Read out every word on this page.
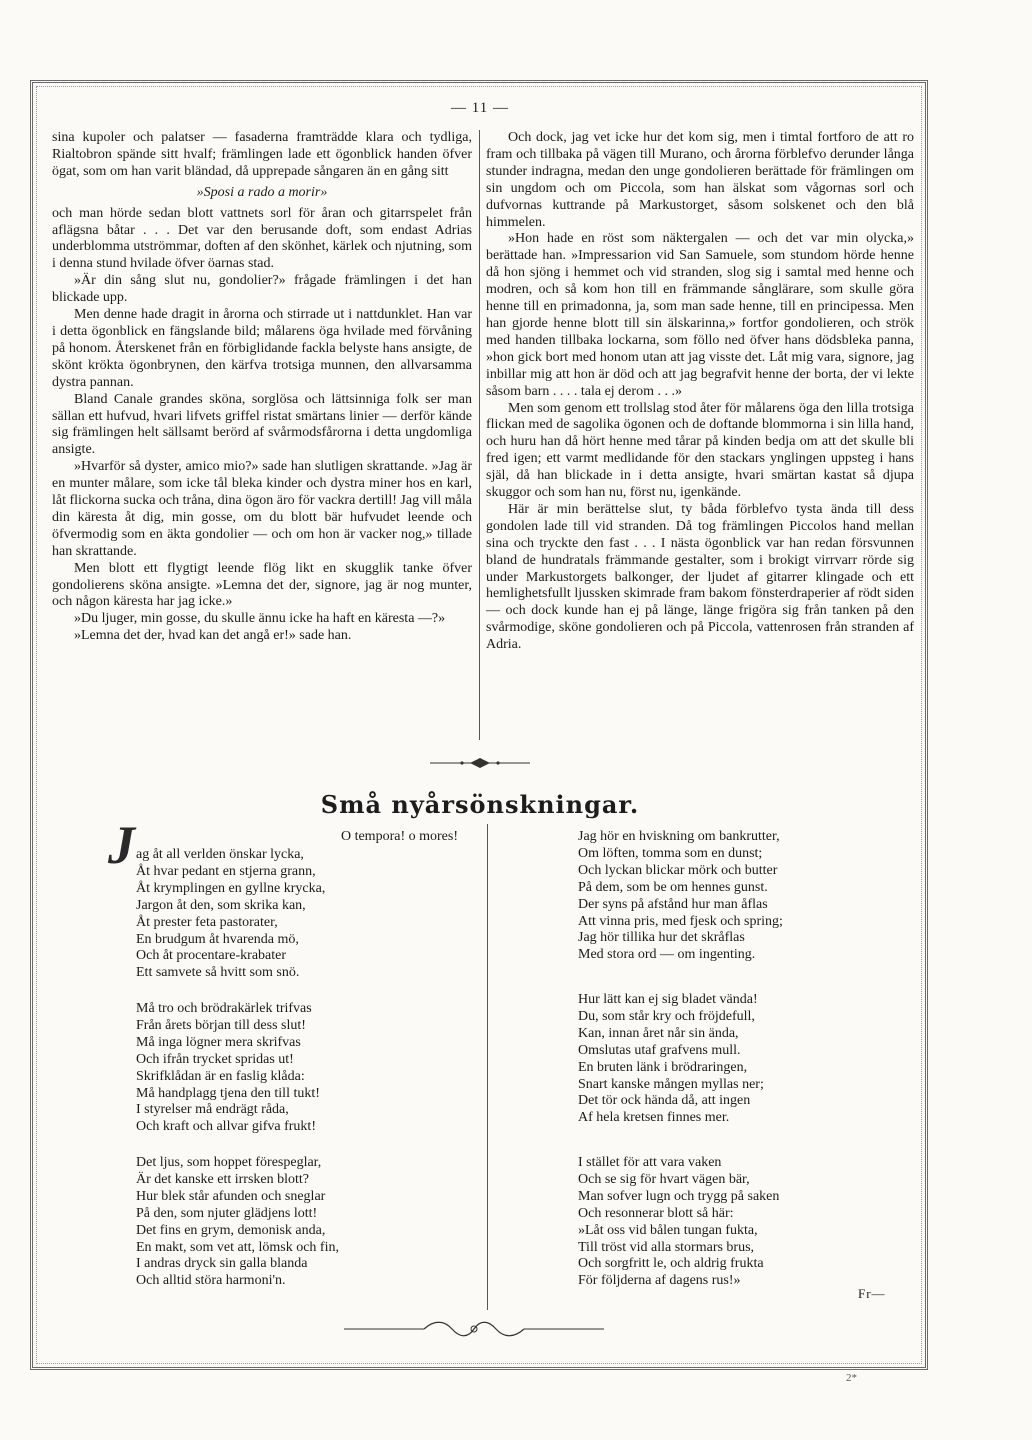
— 11 —

sina kupoler och palatser — fasaderna framträdde klara och tydliga, Rialtobron spände sitt hvalf; främlingen lade ett ögonblick handen öfver ögat, som om han varit bländad, då upprepade sångaren än en gång sitt

»Sposi a rado a morir»

och man hörde sedan blott vattnets sorl för åran och gitarrspelet från aflägsna båtar . . . Det var den berusande doft, som endast Adrias underblomma utströmmar, doften af den skönhet, kärlek och njutning, som i denna stund hvilade öfver öarnas stad.

»Är din sång slut nu, gondolier?» frågade främlingen i det han blickade upp.

Men denne hade dragit in årorna och stirrade ut i nattdunklet. Han var i detta ögonblick en fängslande bild; målarens öga hvilade med förvåning på honom. Återskenet från en förbiglidande fackla belyste hans ansigte, de skönt krökta ögonbrynen, den kärfva trotsiga munnen, den allvarsamma dystra pannan.

Bland Canale grandes sköna, sorglösa och lättsinniga folk ser man sällan ett hufvud, hvari lifvets griffel ristat smärtans linier — derför kände sig främlingen helt sällsamt berörd af svårmodsfårorna i detta ungdomliga ansigte.

»Hvarför så dyster, amico mio?» sade han slutligen skrattande. »Jag är en munter målare, som icke tål bleka kinder och dystra miner hos en karl, låt flickorna sucka och tråna, dina ögon äro för vackra dertill! Jag vill måla din käresta åt dig, min gosse, om du blott bär hufvudet leende och öfvermodig som en äkta gondolier — och om hon är vacker nog,» tillade han skrattande.

Men blott ett flygtigt leende flög likt en skugglik tanke öfver gondolierens sköna ansigte. »Lemna det der, signore, jag är nog munter, och någon käresta har jag icke.»

»Du ljuger, min gosse, du skulle ännu icke ha haft en käresta —?»

»Lemna det der, hvad kan det angå er!» sade han.

Och dock, jag vet icke hur det kom sig, men i timtal fortforo de att ro fram och tillbaka på vägen till Murano, och årorna förblefvo derunder långa stunder indragna, medan den unge gondolieren berättade för främlingen om sin ungdom och om Piccola, som han älskat som vågornas sorl och dufvornas kuttrande på Markustorget, såsom solskenet och den blå himmelen.

»Hon hade en röst som näktergalen — och det var min olycka,» berättade han. »Impressarion vid San Samuele, som stundom hörde henne då hon sjöng i hemmet och vid stranden, slog sig i samtal med henne och modren, och så kom hon till en främmande sånglärare, som skulle göra henne till en primadonna, ja, som man sade henne, till en principessa. Men han gjorde henne blott till sin älskarinna,» fortfor gondolieren, och strök med handen tillbaka lockarna, som föllo ned öfver hans dödsbleka panna, »hon gick bort med honom utan att jag visste det. Låt mig vara, signore, jag inbillar mig att hon är död och att jag begrafvit henne der borta, der vi lekte såsom barn . . . . tala ej derom . . .»

Men som genom ett trollslag stod åter för målarens öga den lilla trotsiga flickan med de sagolika ögonen och de doftande blommorna i sin lilla hand, och huru han då hört henne med tårar på kinden bedja om att det skulle bli fred igen; ett varmt medlidande för den stackars ynglingen uppsteg i hans själ, då han blickade in i detta ansigte, hvari smärtan kastat så djupa skuggor och som han nu, först nu, igenkände.

Här är min berättelse slut, ty båda förblefvo tysta ända till dess gondolen lade till vid stranden. Då tog främlingen Piccolos hand mellan sina och tryckte den fast . . . I nästa ögonblick var han redan försvunnen bland de hundratals främmande gestalter, som i brokigt virrvarr rörde sig under Markustorgets balkonger, der ljudet af gitarrer klingade och ett hemlighetsfullt ljussken skimrade fram bakom fönsterdraperier af rödt siden — och dock kunde han ej på länge, länge frigöra sig från tanken på den svårmodige, sköne gondolieren och på Piccola, vattenrosen från stranden af Adria.

Små nyårsönskningar.
J	O tempora! o mores!
ag åt all verlden önskar lycka,
Åt hvar pedant en stjerna grann,
Åt krymplingen en gyllne krycka,
Jargon åt den, som skrika kan,
Åt prester feta pastorater,
En brudgum åt hvarenda mö,
Och åt procentare-krabater
Ett samvete så hvitt som snö.
Må tro och brödrakärlek trifvas
Från årets början till dess slut!
Må inga lögner mera skrifvas
Och ifrån trycket spridas ut!
Skrifklådan är en faslig klåda:
Må handplagg tjena den till tukt!
I styrelser må endrägt råda,
Och kraft och allvar gifva frukt!
Det ljus, som hoppet förespeglar,
Är det kanske ett irrsken blott?
Hur blek står afunden och sneglar
På den, som njuter glädjens lott!
Det fins en grym, demonisk anda,
En makt, som vet att, lömsk och fin,
I andras dryck sin galla blanda
Och alltid störa harmoni'n.
Jag hör en hviskning om bankrutter,
Om löften, tomma som en dunst;
Och lyckan blickar mörk och butter
På dem, som be om hennes gunst.
Der syns på afstånd hur man åflas
Att vinna pris, med fjesk och spring;
Jag hör tillika hur det skråflas
Med stora ord — om ingenting.
Hur lätt kan ej sig bladet vända!
Du, som står kry och fröjdefull,
Kan, innan året når sin ända,
Omslutas utaf grafvens mull.
En bruten länk i brödraringen,
Snart kanske mången myllas ner;
Det tör ock hända då, att ingen
Af hela kretsen finnes mer.
I stället för att vara vaken
Och se sig för hvart vägen bär,
Man sofver lugn och trygg på saken
Och resonnerar blott så här:
»Låt oss vid bålen tungan fukta,
Till tröst vid alla stormars brus,
Och sorgfritt le, och aldrig frukta
För följderna af dagens rus!»
Fr—
2*
